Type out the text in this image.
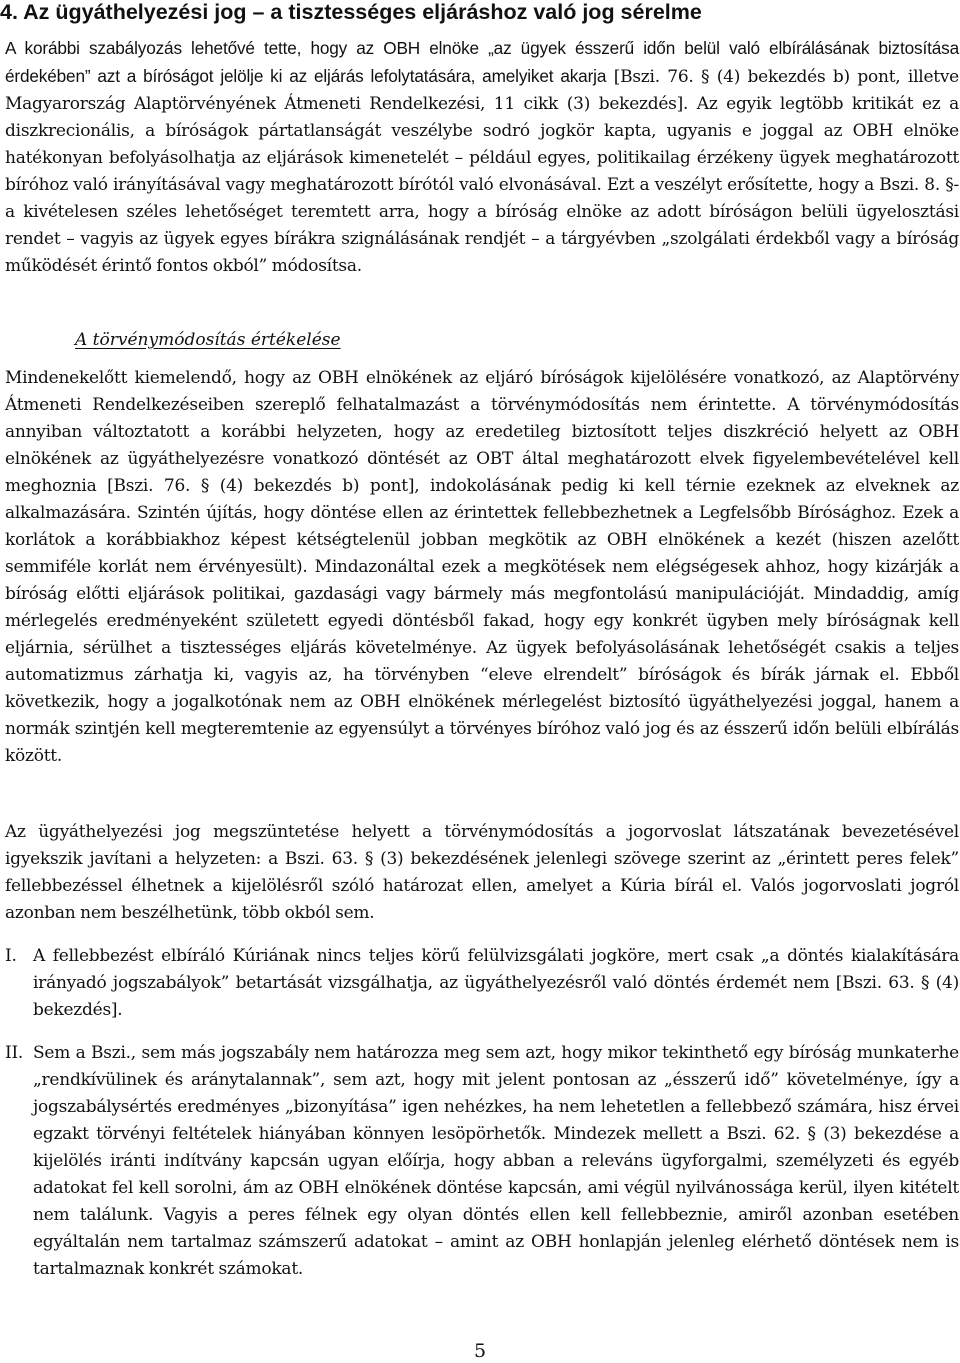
4. Az ügyáthelyezési jog – a tisztességes eljáráshoz való jog sérelme

A korábbi szabályozás lehetővé tette, hogy az OBH elnöke „az ügyek ésszerű időn belül való elbírálásának biztosítása érdekében” azt a bíróságot jelölje ki az eljárás lefolytatására, amelyiket akarja [Bszi. 76. § (4) bekezdés b) pont, illetve Magyarország Alaptörvényének Átmeneti Rendelkezési, 11 cikk (3) bekezdés]. Az egyik legtöbb kritikát ez a diszkrecionális, a bíróságok pártatlanságát veszélybe sodró jogkör kapta, ugyanis e joggal az OBH elnöke hatékonyan befolyásolhatja az eljárások kimenetelét – például egyes, politikailag érzékeny ügyek meghatározott bíróhoz való irányításával vagy meghatározott bírótól való elvonásával. Ezt a veszélyt erősítette, hogy a Bszi. 8. §-a kivételesen széles lehetőséget teremtett arra, hogy a bíróság elnöke az adott bíróságon belüli ügyelosztási rendet – vagyis az ügyek egyes bírákra szignálásának rendjét – a tárgyévben „szolgálati érdekből vagy a bíróság működését érintő fontos okból” módosítsa.

A törvénymódosítás értékelése

Mindenekelőtt kiemelendő, hogy az OBH elnökének az eljáró bíróságok kijelölésére vonatkozó, az Alaptörvény Átmeneti Rendelkezéseiben szereplő felhatalmazást a törvénymódosítás nem érintette. A törvénymódosítás annyiban változtatott a korábbi helyzeten, hogy az eredetileg biztosított teljes diszkréció helyett az OBH elnökének az ügyáthelyezésre vonatkozó döntését az OBT által meghatározott elvek figyelembevételével kell meghoznia [Bszi. 76. § (4) bekezdés b) pont], indokolásának pedig ki kell térnie ezeknek az elveknek az alkalmazására. Szintén újítás, hogy döntése ellen az érintettek fellebbezhetnek a Legfelsőbb Bírósághoz. Ezek a korlátok a korábbiakhoz képest kétségtelenül jobban megkötik az OBH elnökének a kezét (hiszen azelőtt semmiféle korlát nem érvényesült). Mindazonáltal ezek a megkötések nem elégségesek ahhoz, hogy kizárják a bíróság előtti eljárások politikai, gazdasági vagy bármely más megfontolású manipulációját. Mindaddig, amíg mérlegelés eredményeként született egyedi döntésből fakad, hogy egy konkrét ügyben mely bíróságnak kell eljárnia, sérülhet a tisztességes eljárás követelménye. Az ügyek befolyásolásának lehetőségét csakis a teljes automatizmus zárhatja ki, vagyis az, ha törvényben “eleve elrendelt” bíróságok és bírák járnak el. Ebből következik, hogy a jogalkotónak nem az OBH elnökének mérlegelést biztosító ügyáthelyezési joggal, hanem a normák szintjén kell megteremtenie az egyensúlyt a törvényes bíróhoz való jog és az ésszerű időn belüli elbírálás között.

Az ügyáthelyezési jog megszüntetése helyett a törvénymódosítás a jogorvoslat látszatának bevezetésével igyekszik javítani a helyzeten: a Bszi. 63. § (3) bekezdésének jelenlegi szövege szerint az „érintett peres felek” fellebbezéssel élhetnek a kijelölésről szóló határozat ellen, amelyet a Kúria bírál el. Valós jogorvoslati jogról azonban nem beszélhetünk, több okból sem.

I. A fellebbezést elbíráló Kúriának nincs teljes körű felülvizsgálati jogköre, mert csak „a döntés kialakítására irányadó jogszabályok” betartását vizsgálhatja, az ügyáthelyezésről való döntés érdemét nem [Bszi. 63. § (4) bekezdés].
II. Sem a Bszi., sem más jogszabály nem határozza meg sem azt, hogy mikor tekinthető egy bíróság munkaterhe „rendkívülinek és aránytalannak”, sem azt, hogy mit jelent pontosan az „ésszerű idő” követelménye, így a jogszabálysértés eredményes „bizonyítása” igen nehézkes, ha nem lehetetlen a fellebbező számára, hisz érvei egzakt törvényi feltételek hiányában könnyen lesöpörhetők. Mindezek mellett a Bszi. 62. § (3) bekezdése a kijelölés iránti indítvány kapcsán ugyan előírja, hogy abban a releváns ügyforgalmi, személyzeti és egyéb adatokat fel kell sorolni, ám az OBH elnökének döntése kapcsán, ami végül nyilvánossága kerül, ilyen kitételt nem találunk. Vagyis a peres félnek egy olyan döntés ellen kell fellebbeznie, amiről azonban esetében egyáltalán nem tartalmaz számszerű adatokat – amint az OBH honlapján jelenleg elérhető döntések nem is tartalmaznak konkrét számokat.
5
